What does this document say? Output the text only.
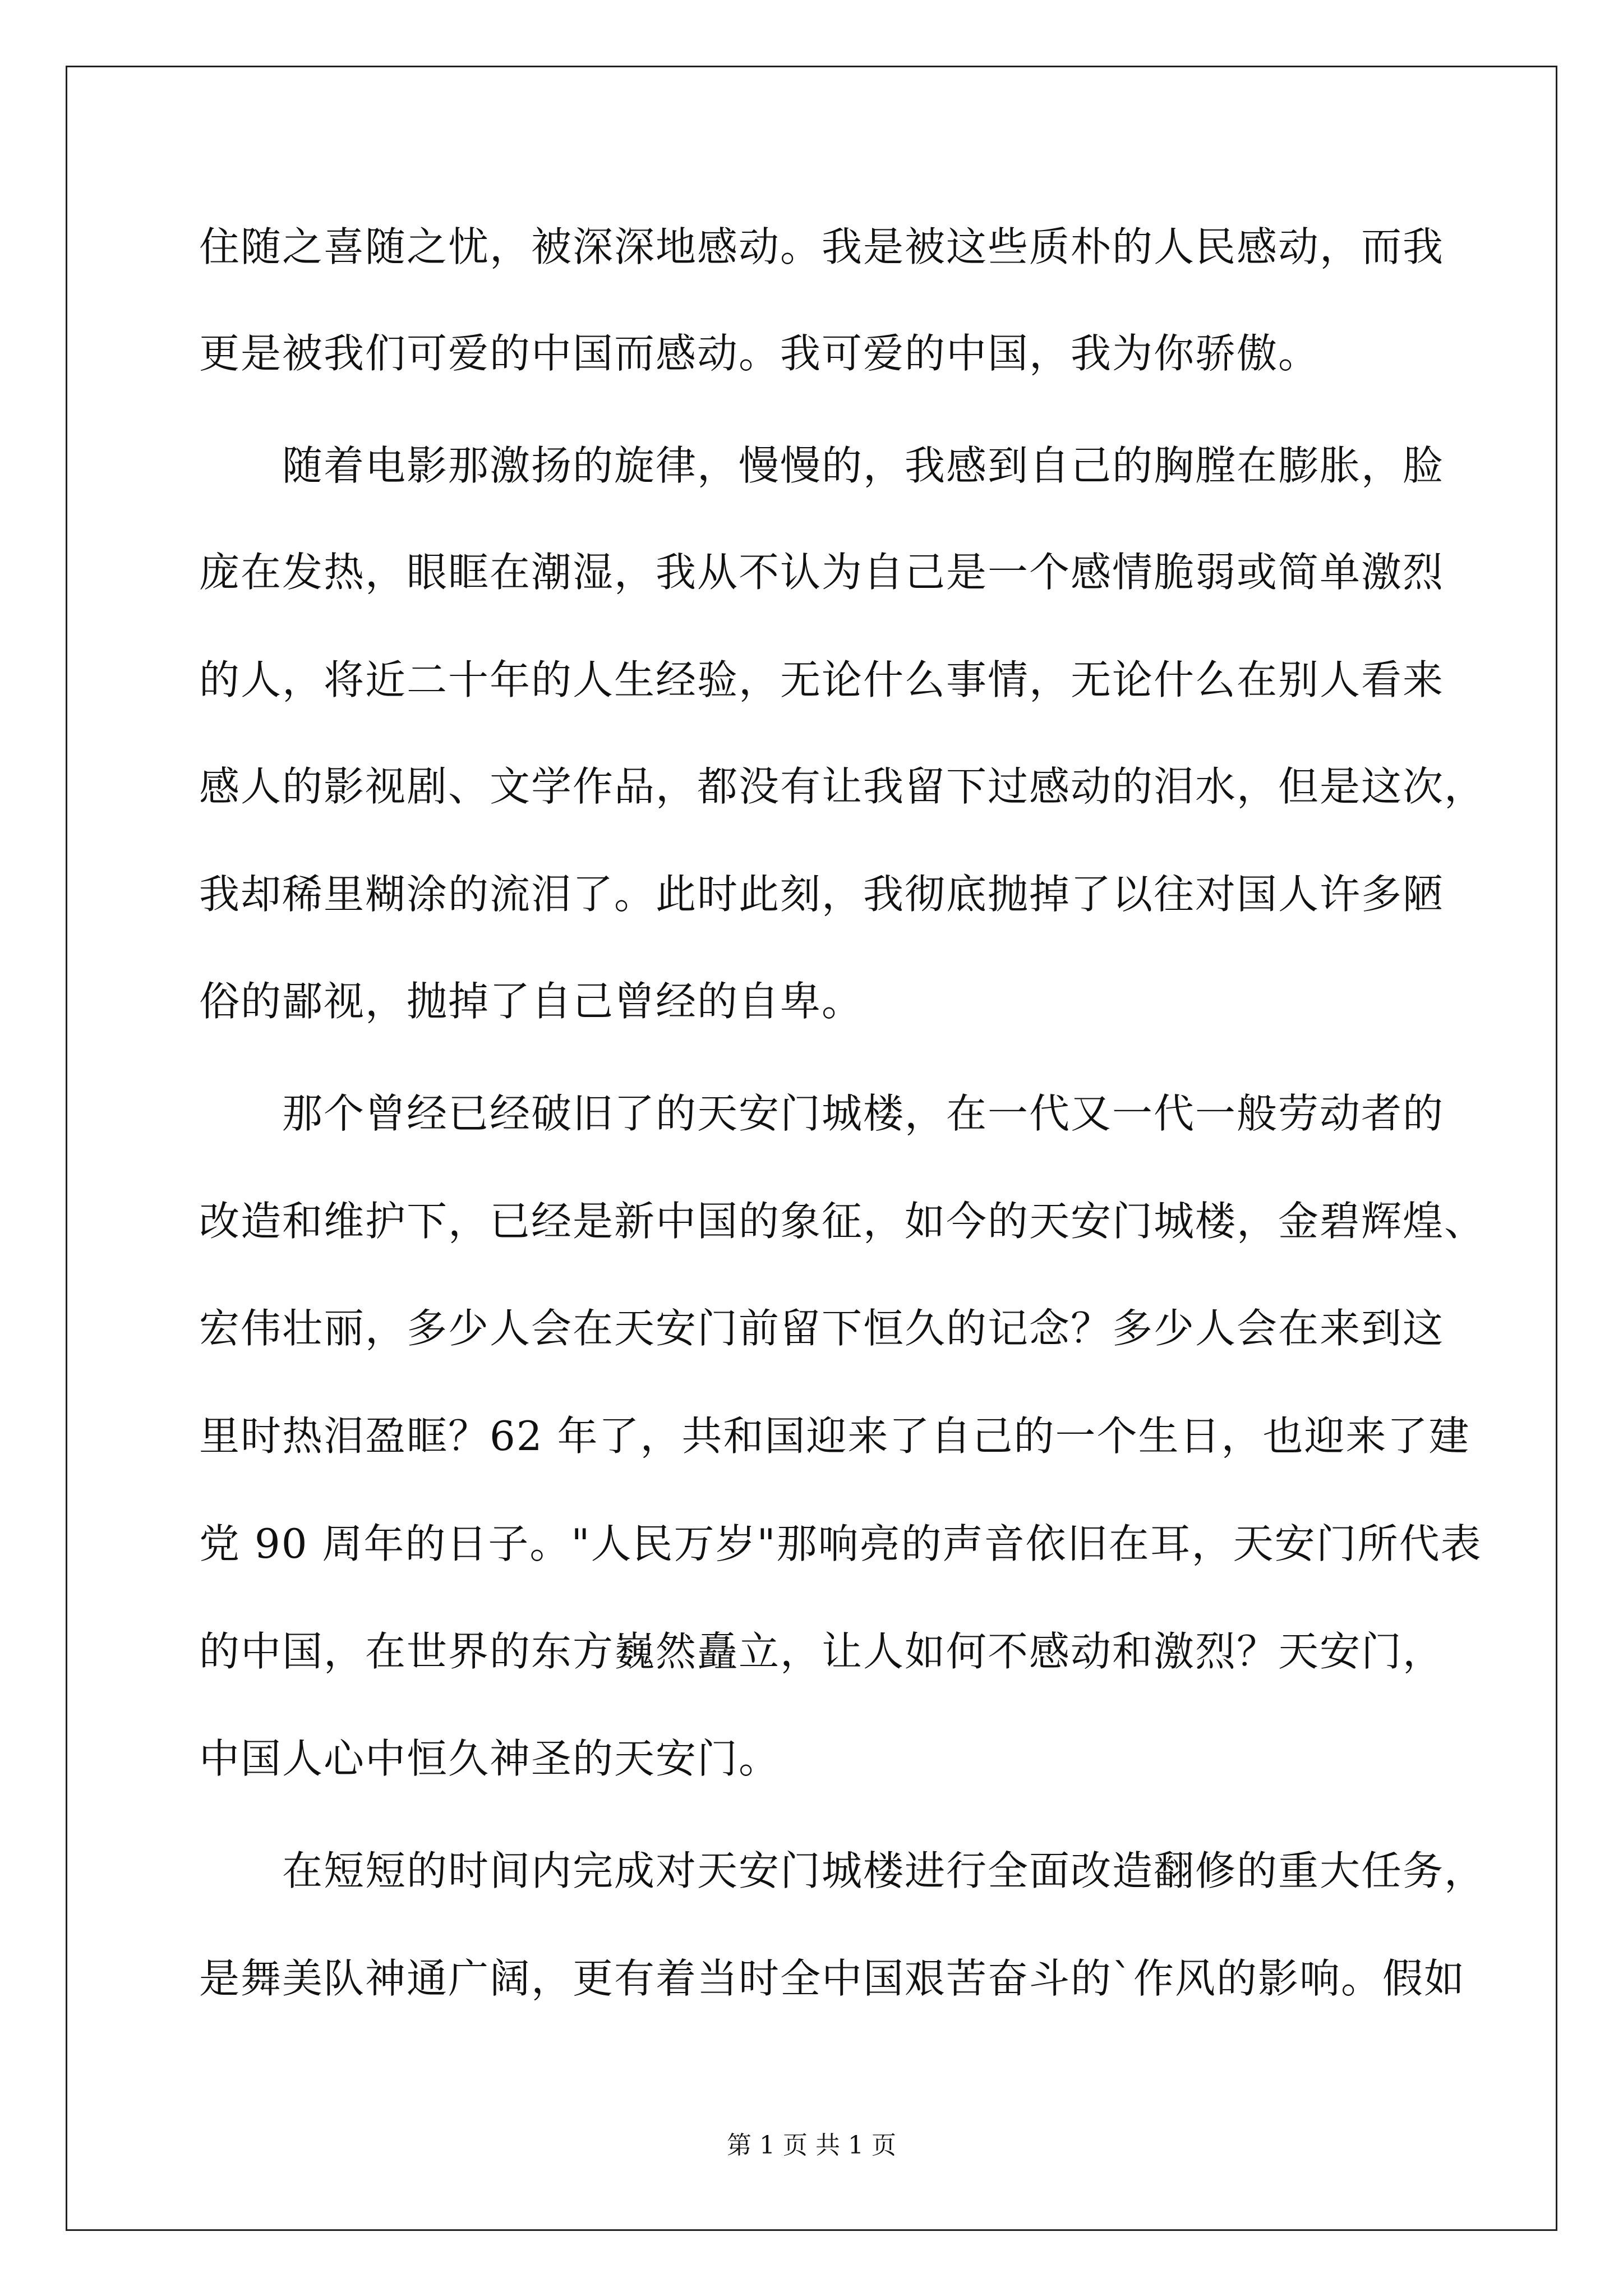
住随之喜随之忧，被深深地感动。我是被这些质朴的人民感动，而我
更是被我们可爱的中国而感动。我可爱的中国，我为你骄傲。
随着电影那激扬的旋律，慢慢的，我感到自己的胸膛在膨胀，脸
庞在发热，眼眶在潮湿，我从不认为自己是一个感情脆弱或简单激烈
的人，将近二十年的人生经验，无论什么事情，无论什么在别人看来
感人的影视剧、文学作品，都没有让我留下过感动的泪水，但是这次，
我却稀里糊涂的流泪了。此时此刻，我彻底抛掉了以往对国人许多陋
俗的鄙视，抛掉了自己曾经的自卑。
那个曾经已经破旧了的天安门城楼，在一代又一代一般劳动者的
改造和维护下，已经是新中国的象征，如今的天安门城楼，金碧辉煌、
宏伟壮丽，多少人会在天安门前留下恒久的记念？多少人会在来到这
里时热泪盈眶？62 年了，共和国迎来了自己的一个生日，也迎来了建
党 90 周年的日子。"人民万岁"那响亮的声音依旧在耳，天安门所代表
的中国，在世界的东方巍然矗立，让人如何不感动和激烈？天安门，
中国人心中恒久神圣的天安门。
在短短的时间内完成对天安门城楼进行全面改造翻修的重大任务，
是舞美队神通广阔，更有着当时全中国艰苦奋斗的`作风的影响。假如
第 1 页 共 1 页
